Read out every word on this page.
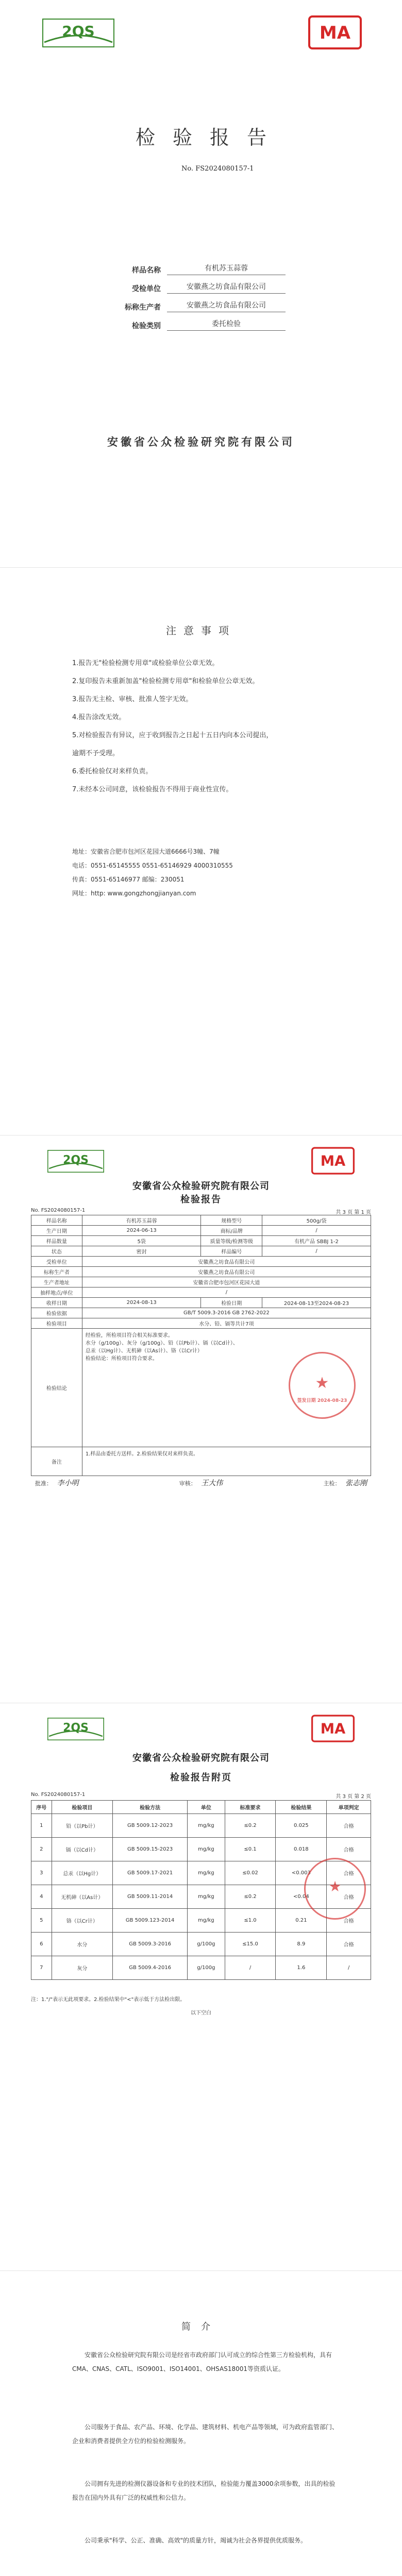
2QS	MA
检验报告
No. FS2024080157-1
样品名称	有机苏玉蒜蓉
受检单位	安徽燕之坊食品有限公司
标称生产者	安徽燕之坊食品有限公司
检验类别	委托检验
安徽省公众检验研究院有限公司
注意事项
1.报告无"检验检测专用章"或检验单位公章无效。
2.复印报告未重新加盖"检验检测专用章"和检验单位公章无效。
3.报告无主检、审核、批准人签字无效。
4.报告涂改无效。
5.对检验报告有异议，应于收到报告之日起十五日内向本公司提出，
逾期不予受理。
6.委托检验仅对来样负责。
7.未经本公司同意，该检验报告不得用于商业性宣传。
地址：安徽省合肥市包河区花园大道6666号3幢、7幢
电话：0551-65145555 0551-65146929 4000310555
传真：0551-65146977 邮编：230051
网址：http: www.gongzhongjianyan.com
2QS	MA
安徽省公众检验研究院有限公司
检验报告
No. FS2024080157-1	共 3 页 第 1 页
样品名称	有机苏玉蒜蓉	规格型号	500g/袋
生产日期	2024-06-13	商标/品牌	/
样品数量	5袋	质量等级/检测等级	有机产品 SBBJ 1-2
状态	密封	样品编号	/
受检单位	安徽燕之坊食品有限公司		
标称生产者	安徽燕之坊食品有限公司		
生产者地址	安徽省合肥市包河区花园大道		
抽样地点/单位	/		
收样日期	2024-08-13	检验日期	2024-08-13至2024-08-23
检验依据	GB/T 5009.3-2016 GB 2762-2022		
检验项目	水分、铅、镉等共计7项		
检验结论	经检验，所检项目符合相关标准要求。
水分（g/100g）、灰分（g/100g）、铅（以Pb计）、镉（以Cd计）、
总汞（以Hg计）、无机砷（以As计）、铬（以Cr计）
检验结论：所检项目符合要求。		

备注	1.样品由委托方送样。2.检验结果仅对来样负责。		
★
签发日期 2024-08-23
批准： 李小明	审核： 王大伟	主检： 张志刚
2QS	MA
安徽省公众检验研究院有限公司
检验报告附页
No. FS2024080157-1	共 3 页 第 2 页
序号	检验项目	检验方法	单位	标准要求	检验结果	单项判定
1	铅（以Pb计）	GB 5009.12-2023	mg/kg	≤0.2	0.025	合格
2	镉（以Cd计）	GB 5009.15-2023	mg/kg	≤0.1	0.018	合格
3	总汞（以Hg计）	GB 5009.17-2021	mg/kg	≤0.02	<0.003	合格
4	无机砷（以As计）	GB 5009.11-2014	mg/kg	≤0.2	<0.04	合格
5	铬（以Cr计）	GB 5009.123-2014	mg/kg	≤1.0	0.21	合格
6	水分	GB 5009.3-2016	g/100g	≤15.0	8.9	合格
7	灰分	GB 5009.4-2016	g/100g	/	1.6	/
★
注：1."/"表示无此项要求。2.检验结果中"<"表示低于方法检出限。
以下空白
简介
安徽省公众检验研究院有限公司是经省市政府部门认可成立的综合性第三方检验机构，具有CMA、CNAS、CATL、ISO9001、ISO14001、OHSAS18001等资质认证。
公司服务于食品、农产品、环境、化学品、建筑材料、机电产品等领域，可为政府监管部门、企业和消费者提供全方位的检验检测服务。
公司拥有先进的检测仪器设备和专业的技术团队，检验能力覆盖3000余项参数，出具的检验报告在国内外具有广泛的权威性和公信力。
公司秉承"科学、公正、准确、高效"的质量方针，竭诚为社会各界提供优质服务。
